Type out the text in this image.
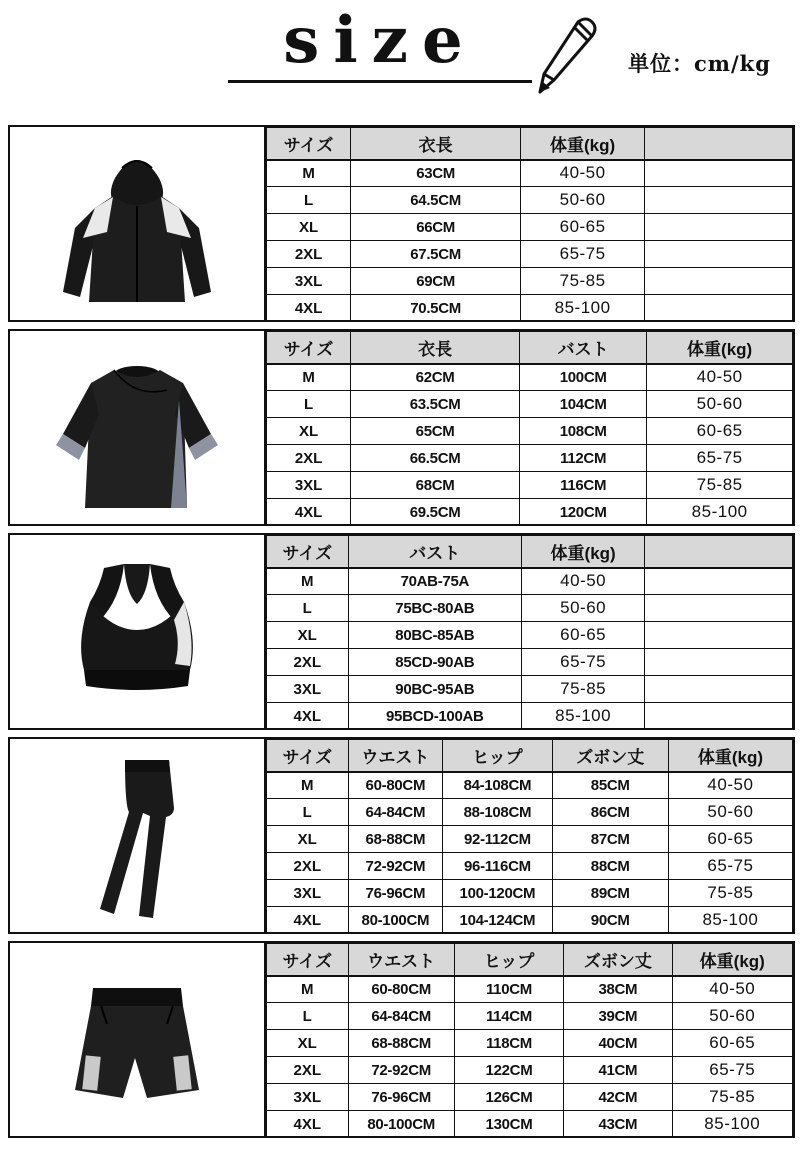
size	単位：cm/kg
サイズ	衣長	体重(kg)	
M	63CM	40-50	
L	64.5CM	50-60	
XL	66CM	60-65	
2XL	67.5CM	65-75	
3XL	69CM	75-85	
4XL	70.5CM	85-100	
サイズ	衣長	バスト	体重(kg)
M	62CM	100CM	40-50
L	63.5CM	104CM	50-60
XL	65CM	108CM	60-65
2XL	66.5CM	112CM	65-75
3XL	68CM	116CM	75-85
4XL	69.5CM	120CM	85-100
サイズ	バスト	体重(kg)	
M	70AB-75A	40-50	
L	75BC-80AB	50-60	
XL	80BC-85AB	60-65	
2XL	85CD-90AB	65-75	
3XL	90BC-95AB	75-85	
4XL	95BCD-100AB	85-100	
サイズ	ウエスト	ヒップ	ズボン丈	体重(kg)
M	60-80CM	84-108CM	85CM	40-50
L	64-84CM	88-108CM	86CM	50-60
XL	68-88CM	92-112CM	87CM	60-65
2XL	72-92CM	96-116CM	88CM	65-75
3XL	76-96CM	100-120CM	89CM	75-85
4XL	80-100CM	104-124CM	90CM	85-100
サイズ	ウエスト	ヒップ	ズボン丈	体重(kg)
M	60-80CM	110CM	38CM	40-50
L	64-84CM	114CM	39CM	50-60
XL	68-88CM	118CM	40CM	60-65
2XL	72-92CM	122CM	41CM	65-75
3XL	76-96CM	126CM	42CM	75-85
4XL	80-100CM	130CM	43CM	85-100
